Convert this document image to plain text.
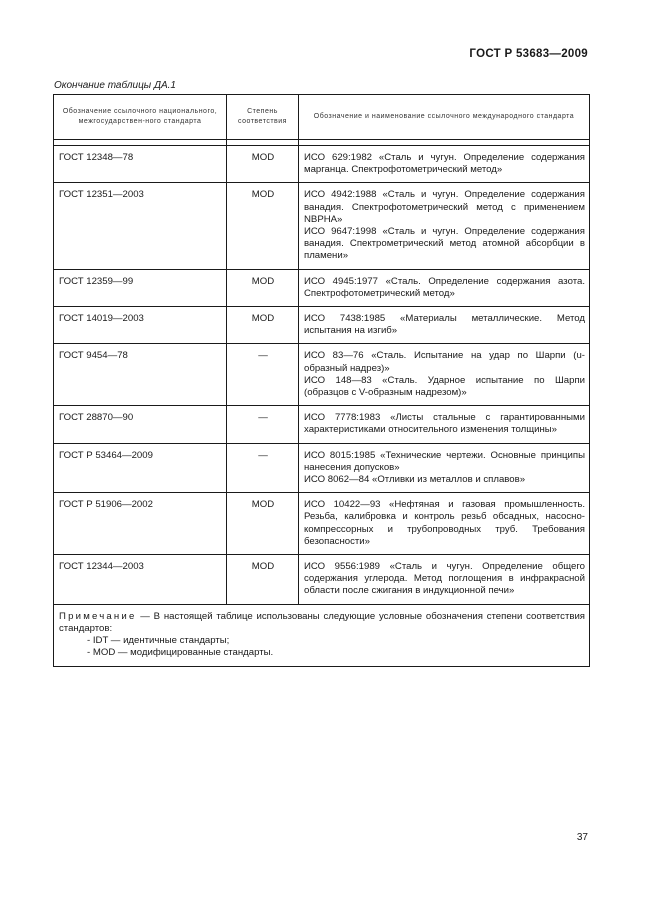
ГОСТ Р 53683—2009
Окончание таблицы ДА.1
Обозначение ссылочного национального, межгосударствен-ного стандарта	Степень соответствия	Обозначение и наименование ссылочного международного стандарта

ГОСТ 12348—78	MOD	ИСО 629:1982 «Сталь и чугун. Определение содержания марганца. Спектрофотометрический метод»

ГОСТ 12351—2003	MOD	ИСО 4942:1988 «Сталь и чугун. Определение содержания ванадия. Спектрофотометрический метод с применением NBPHA»
ИСО 9647:1998 «Сталь и чугун. Определение содержания ванадия. Спектрометрический метод атомной абсорбции в пламени»

ГОСТ 12359—99	MOD	ИСО 4945:1977 «Сталь. Определение содержания азота. Спектрофотометрический метод»

ГОСТ 14019—2003	MOD	ИСО 7438:1985 «Материалы металлические. Метод испытания на изгиб»

ГОСТ 9454—78	—	ИСО 83—76 «Сталь. Испытание на удар по Шарпи (u-образный надрез)»
ИСО 148—83 «Сталь. Ударное испытание по Шарпи (образцов с V-образным надрезом)»

ГОСТ 28870—90	—	ИСО 7778:1983 «Листы стальные с гарантированными характеристиками относительного изменения толщины»

ГОСТ Р 53464—2009	—	ИСО 8015:1985 «Технические чертежи. Основные принципы нанесения допусков»
ИСО 8062—84 «Отливки из металлов и сплавов»

ГОСТ Р 51906—2002	MOD	ИСО 10422—93 «Нефтяная и газовая промышленность. Резьба, калибровка и контроль резьб обсадных, насосно-компрессорных и трубопроводных труб. Требования безопасности»

ГОСТ 12344—2003	MOD	ИСО 9556:1989 «Сталь и чугун. Определение общего содержания углерода. Метод поглощения в инфракрасной области после сжигания в индукционной печи»

Примечание — В настоящей таблице использованы следующие условные обозначения степени соответствия стандартов:
- IDT — идентичные стандарты;
- MOD — модифицированные стандарты.		
37
